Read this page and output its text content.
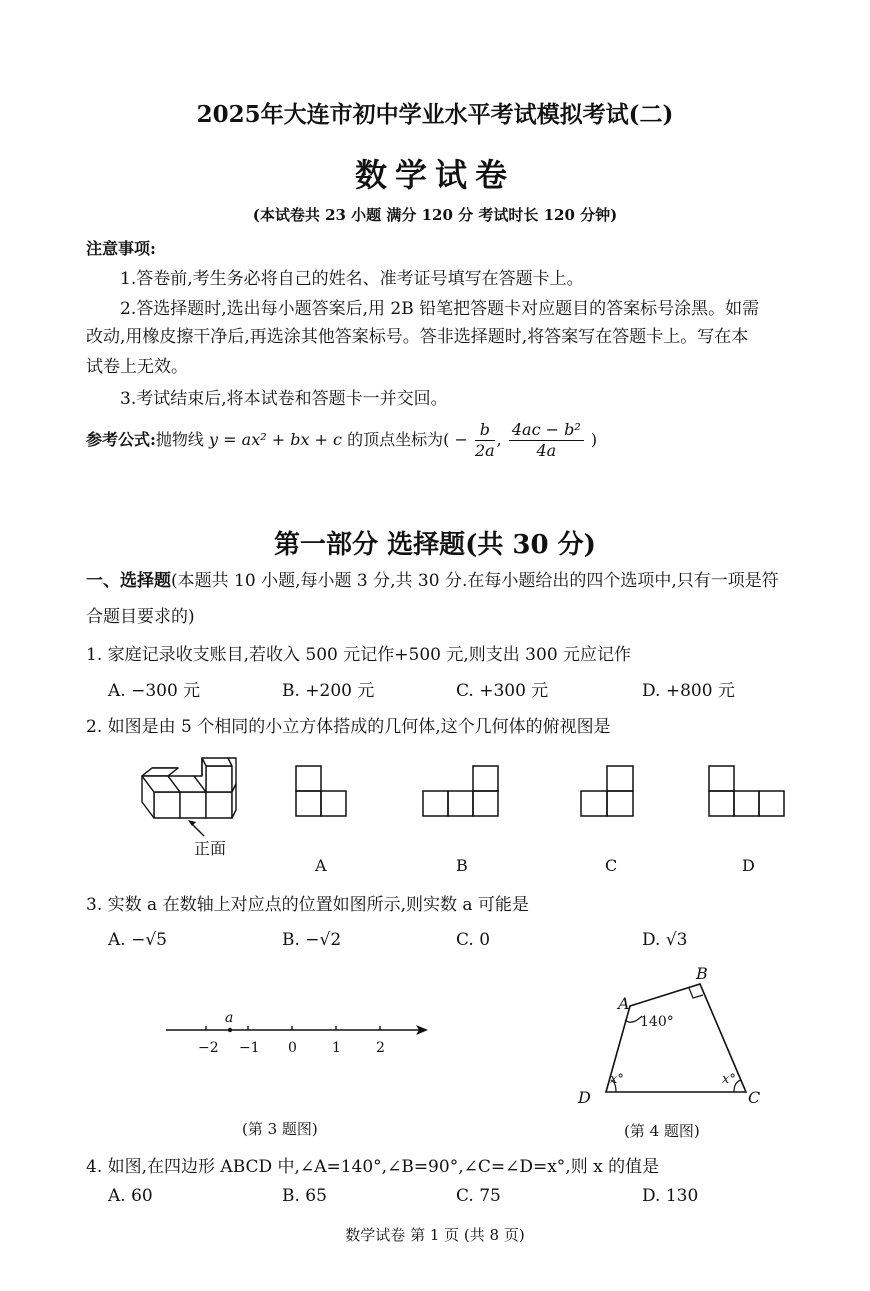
2025年大连市初中学业水平考试模拟考试(二)
数学试卷
(本试卷共 23 小题 满分 120 分 考试时长 120 分钟)
注意事项:
1.答卷前,考生务必将自己的姓名、准考证号填写在答题卡上。
2.答选择题时,选出每小题答案后,用 2B 铅笔把答题卡对应题目的答案标号涂黑。如需
改动,用橡皮擦干净后,再选涂其他答案标号。答非选择题时,将答案写在答题卡上。写在本
试卷上无效。
3.考试结束后,将本试卷和答题卡一并交回。
参考公式:抛物线 y = ax² + bx + c 的顶点坐标为( − $\frac{b}{2a}$ , $\frac{\text{4ac − b²}}{4a}$ )
第一部分 选择题(共 30 分)
一、选择题(本题共 10 小题,每小题 3 分,共 30 分.在每小题给出的四个选项中,只有一项是符
合题目要求的)
1. 家庭记录收支账目,若收入 500 元记作+500 元,则支出 300 元应记作
A. −300 元	B. +200 元	C. +300 元	D. +800 元
2. 如图是由 5 个相同的小立方体搭成的几何体,这个几何体的俯视图是
正面
A	B	C	D
3. 实数 a 在数轴上对应点的位置如图所示,则实数 a 可能是
A. −√5	B. −√2	C. 0	D. √3
a
−2 −1 0	1	2
(第 3 题图)
A
B
C
D
140°
x°	x°
(第 4 题图)
4. 如图,在四边形 ABCD 中,∠A=140°,∠B=90°,∠C=∠D=x°,则 x 的值是
A. 60	B. 65	C. 75	D. 130
数学试卷 第 1 页 (共 8 页)
